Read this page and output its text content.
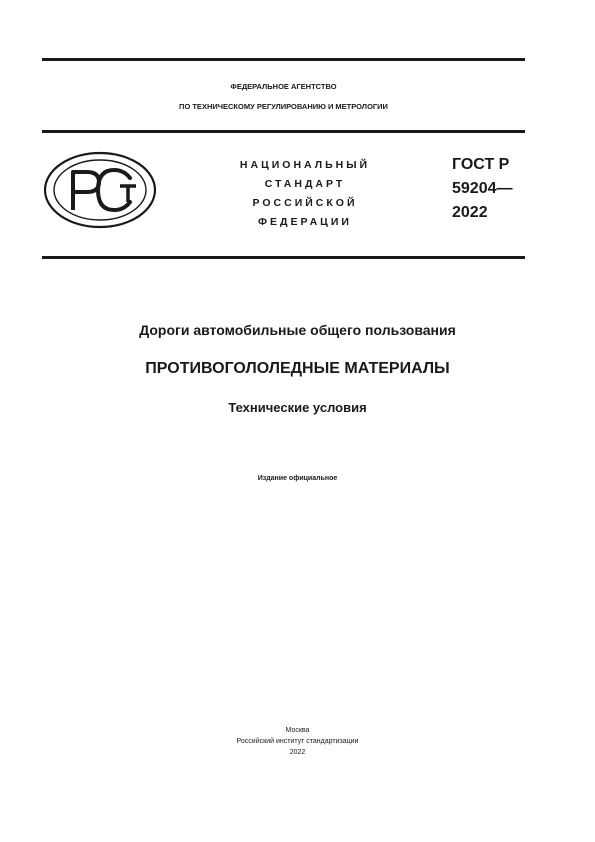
ФЕДЕРАЛЬНОЕ АГЕНТСТВО
ПО ТЕХНИЧЕСКОМУ РЕГУЛИРОВАНИЮ И МЕТРОЛОГИИ
НАЦИОНАЛЬНЫЙ
СТАНДАРТ
РОССИЙСКОЙ
ФЕДЕРАЦИИ
ГОСТ Р
59204—
2022
Дороги автомобильные общего пользования
ПРОТИВОГОЛОЛЕДНЫЕ МАТЕРИАЛЫ
Технические условия
Издание официальное
Москва
Российский институт стандартизации
2022
